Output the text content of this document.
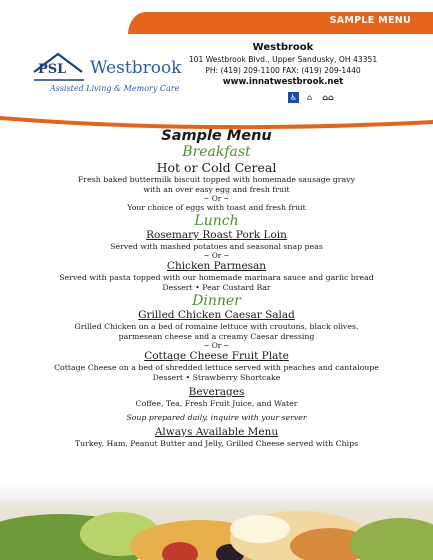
SAMPLE MENU
PSL Westbrook
Assisted Living & Memory Care
Westbrook
101 Westbrook Blvd., Upper Sandusky, OH 43351
PH: (419) 209-1100 FAX: (419) 209-1440
www.innatwestbrook.net
♿	⌂	⌂⌂
Sample Menu
Breakfast
Hot or Cold Cereal
Fresh baked buttermilk biscuit topped with homemade sausage gravy
with an over easy egg and fresh fruit
~ Or ~
Your choice of eggs with toast and fresh fruit
Lunch
Rosemary Roast Pork Loin
Served with mashed potatoes and seasonal snap peas
~ Or ~
Chicken Parmesan
Served with pasta topped with our homemade marinara sauce and garlic bread
Dessert • Pear Custard Bar
Dinner
Grilled Chicken Caesar Salad
Grilled Chicken on a bed of romaine lettuce with croutons, black olives,
parmesean cheese and a creamy Caesar dressing
~ Or ~
Cottage Cheese Fruit Plate
Cottage Cheese on a bed of shredded lettuce served with peaches and cantaloupe
Dessert • Strawberry Shortcake
Beverages
Coffee, Tea, Fresh Fruit Juice, and Water
Soup prepared daily, inquire with your server
Always Available Menu
Turkey, Ham, Peanut Butter and Jelly, Grilled Cheese served with Chips
